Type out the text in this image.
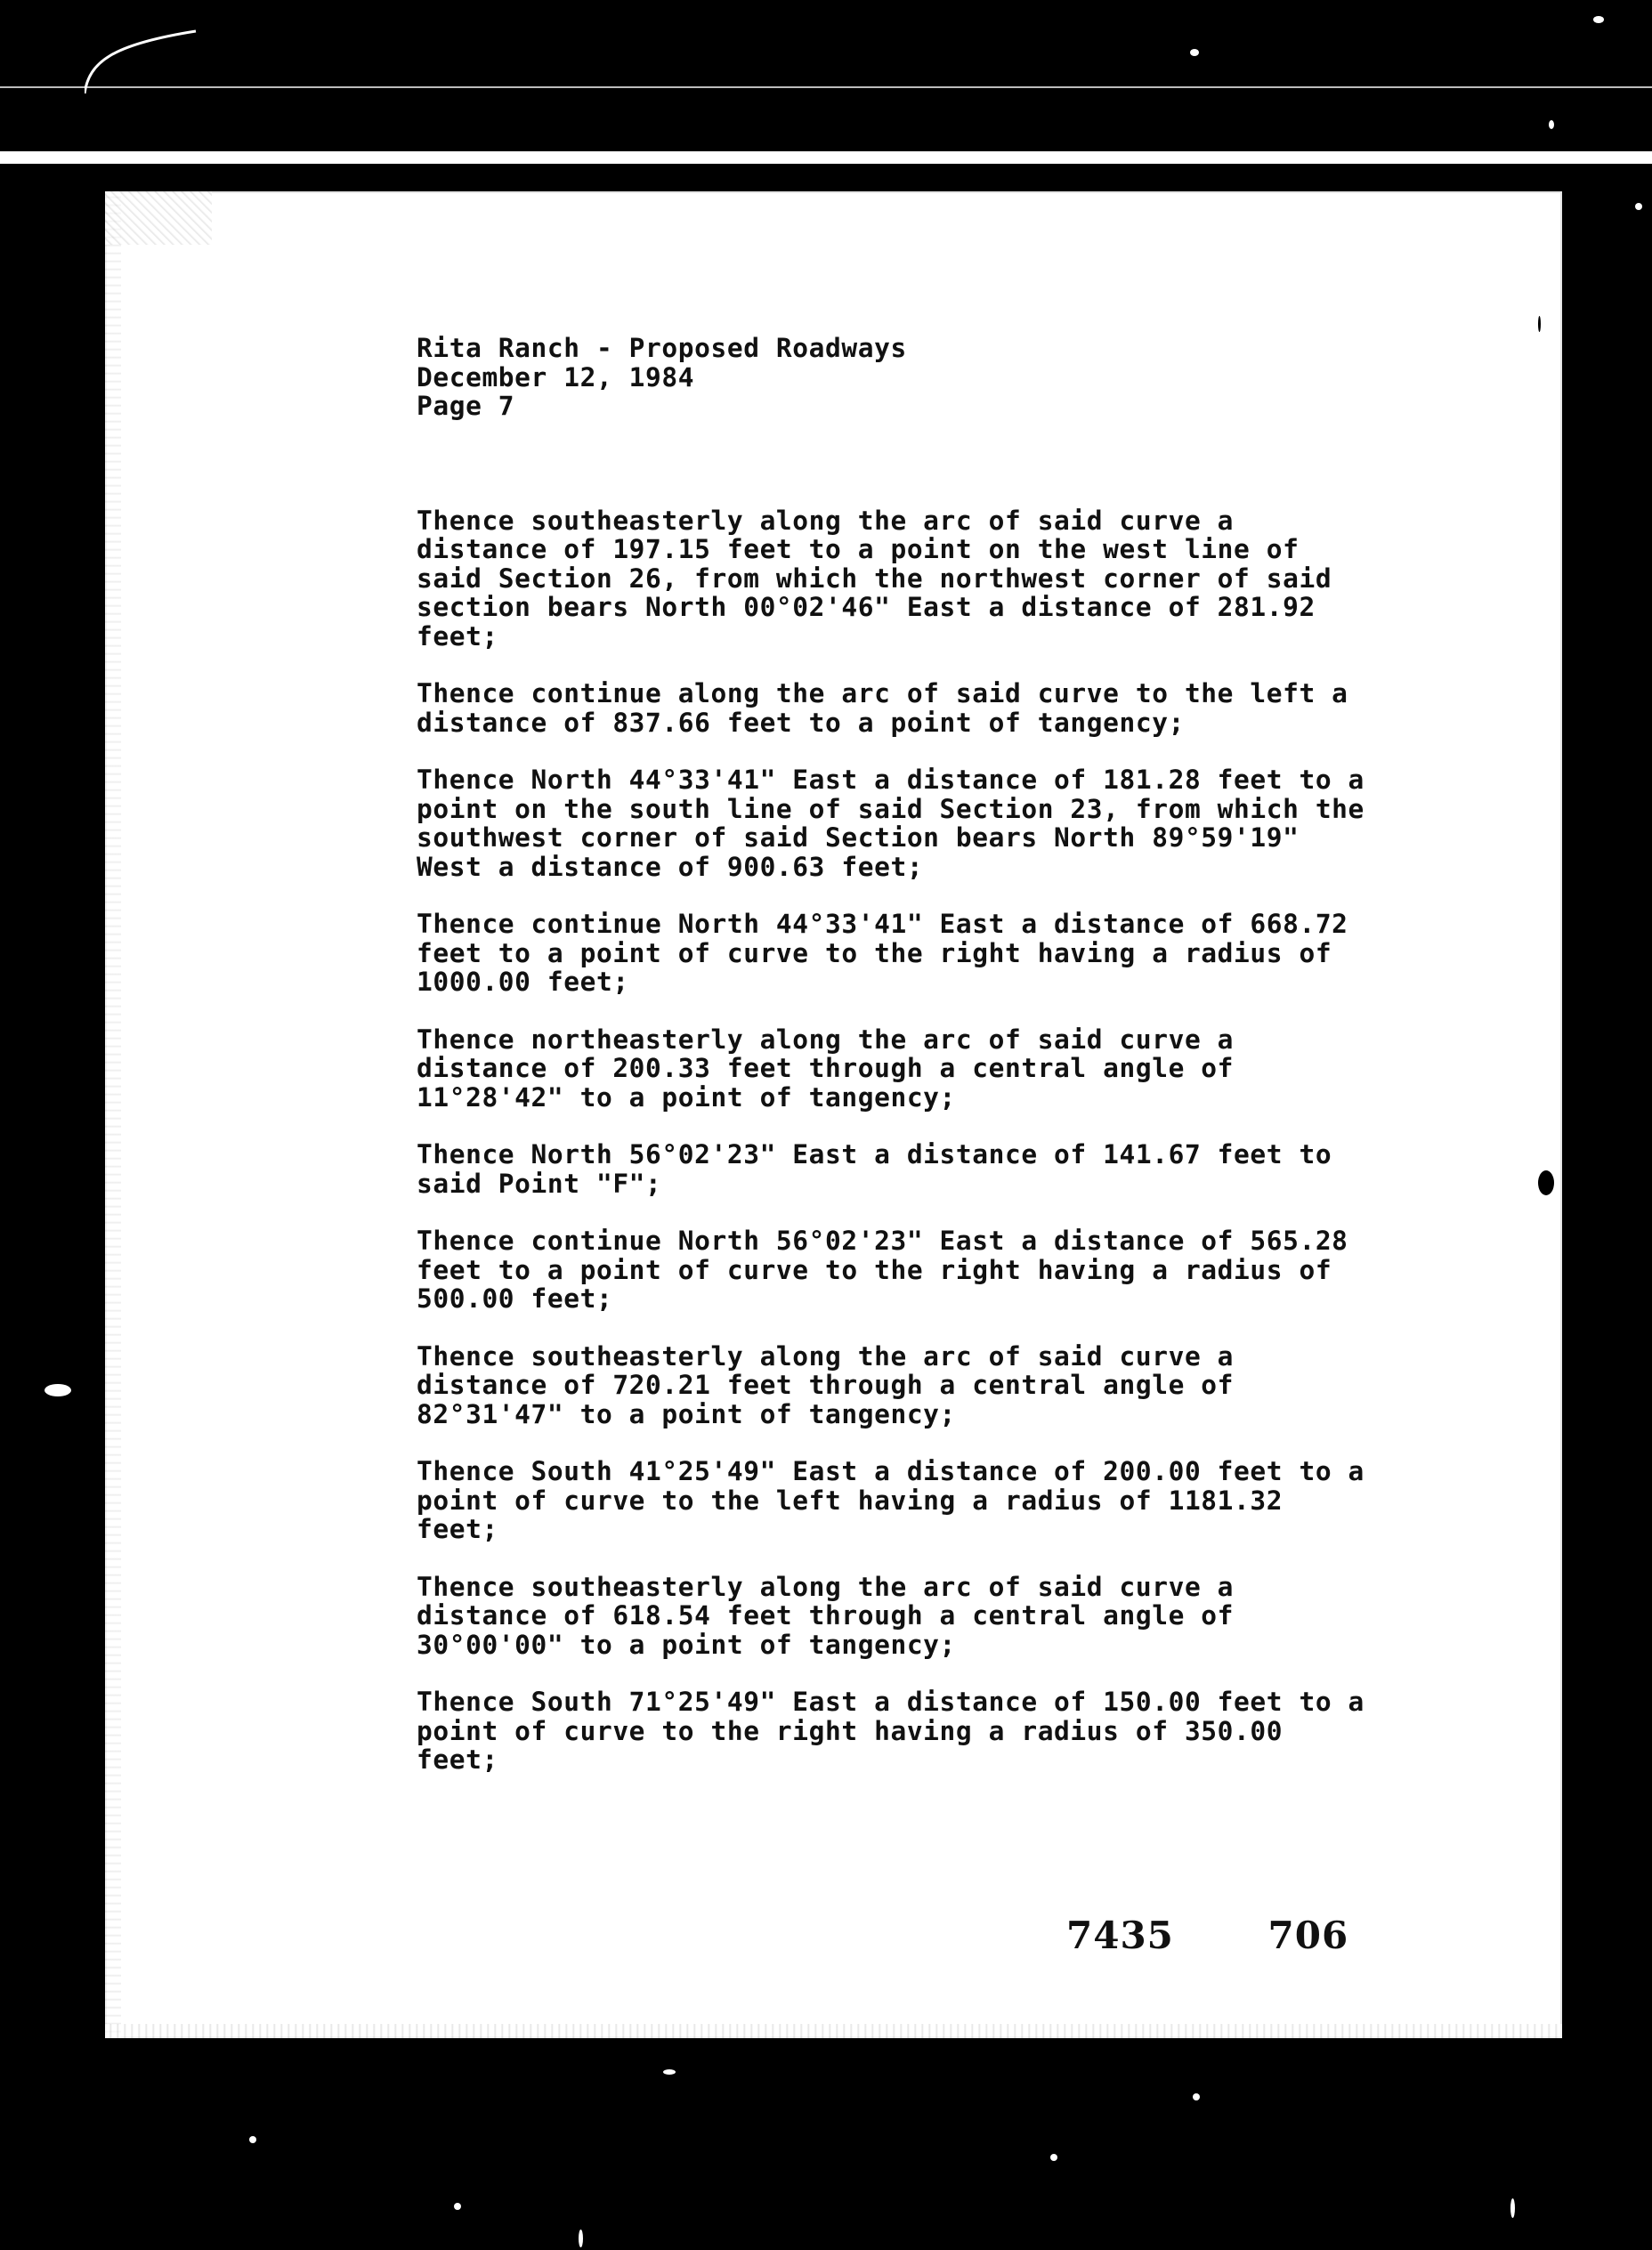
Rita Ranch - Proposed Roadways

December 12, 1984

Page 7

Thence southeasterly along the arc of said curve a

distance of 197.15 feet to a point on the west line of

said Section 26, from which the northwest corner of said

section bears North 00°02'46" East a distance of 281.92

feet;

Thence continue along the arc of said curve to the left a

distance of 837.66 feet to a point of tangency;

Thence North 44°33'41" East a distance of 181.28 feet to a

point on the south line of said Section 23, from which the

southwest corner of said Section bears North 89°59'19"

West a distance of 900.63 feet;

Thence continue North 44°33'41" East a distance of 668.72

feet to a point of curve to the right having a radius of

1000.00 feet;

Thence northeasterly along the arc of said curve a

distance of 200.33 feet through a central angle of

11°28'42" to a point of tangency;

Thence North 56°02'23" East a distance of 141.67 feet to

said Point "F";

Thence continue North 56°02'23" East a distance of 565.28

feet to a point of curve to the right having a radius of

500.00 feet;

Thence southeasterly along the arc of said curve a

distance of 720.21 feet through a central angle of

82°31'47" to a point of tangency;

Thence South 41°25'49" East a distance of 200.00 feet to a

point of curve to the left having a radius of 1181.32

feet;

Thence southeasterly along the arc of said curve a

distance of 618.54 feet through a central angle of

30°00'00" to a point of tangency;

Thence South 71°25'49" East a distance of 150.00 feet to a

point of curve to the right having a radius of 350.00

feet;

7435	706
